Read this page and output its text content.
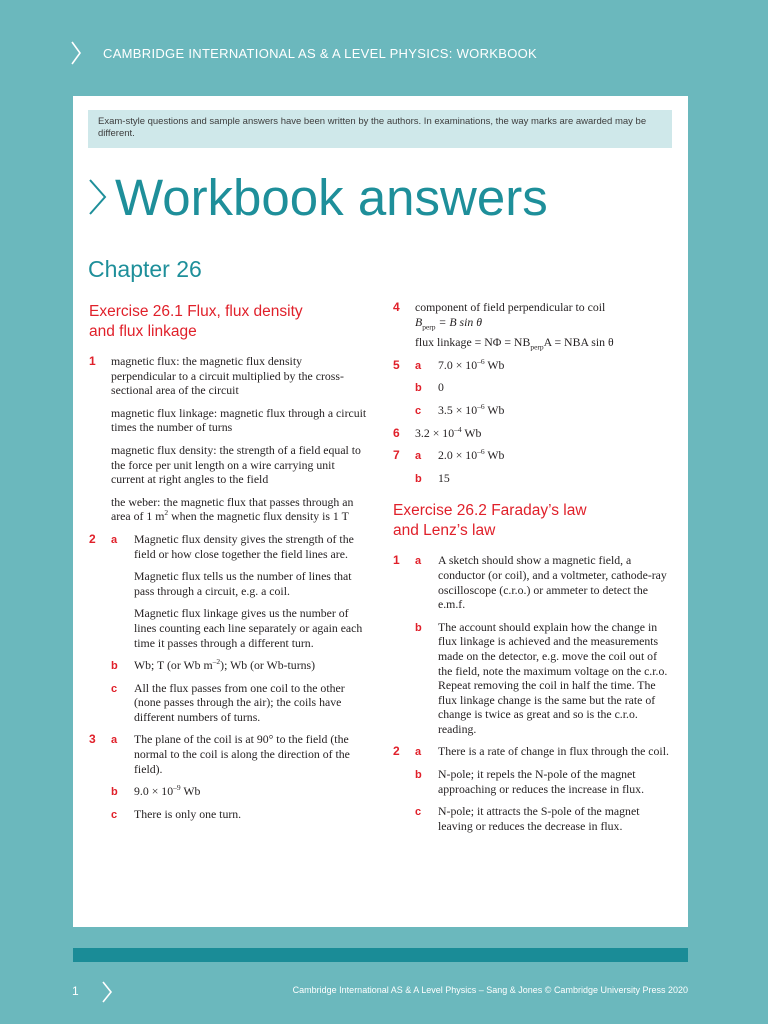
CAMBRIDGE INTERNATIONAL AS & A LEVEL PHYSICS: WORKBOOK
Exam-style questions and sample answers have been written by the authors. In examinations, the way marks are awarded may be different.
Workbook answers
Chapter 26
Exercise 26.1 Flux, flux density
and flux linkage
1	magnetic flux: the magnetic flux density perpendicular to a circuit multiplied by the cross-sectional area of the circuit

magnetic flux linkage: magnetic flux through a circuit times the number of turns

magnetic flux density: the strength of a field equal to the force per unit length on a wire carrying unit current at right angles to the field

the weber: the magnetic flux that passes through an area of 1 $m^2$ when the magnetic flux density is 1 T

2 a	Magnetic flux density gives the strength of the field or how close together the field lines are.

Magnetic flux tells us the number of lines that pass through a circuit, e.g. a coil.

Magnetic flux linkage gives us the number of lines counting each line separately or again each time it passes through a different turn.

b	Wb; T (or Wb $m^{-2}$); Wb (or Wb-turns)

c	All the flux passes from one coil to the other (none passes through the air); the coils have different numbers of turns.

3 a	The plane of the coil is at 90° to the field (the normal to the coil is along the direction of the field).

b	$9.0 \times 10^{-9}$ Wb

c	There is only one turn.

4	component of field perpendicular to coil
$B_{perp} = B$ sin θ

flux linkage = $N\Phi = NB_{perp}A$ = NBA sin θ

5 a	$7.0 \times 10^{-6}$ Wb

b	0

c	$3.5 \times 10^{-6}$ Wb

6	$3.2 \times 10^{-4}$ Wb

7 a	$2.0 \times 10^{-6}$ Wb

b	15

Exercise 26.2 Faraday’s law
and Lenz’s law
1 a	A sketch should show a magnetic field, a conductor (or coil), and a voltmeter, cathode-ray oscilloscope (c.r.o.) or ammeter to detect the e.m.f.

b	The account should explain how the change in flux linkage is achieved and the measurements made on the detector, e.g. move the coil out of the field, note the maximum voltage on the c.r.o. Repeat removing the coil in half the time. The flux linkage change is the same but the rate of change is twice as great and so is the c.r.o. reading.

2 a	There is a rate of change in flux through the coil.

b	N-pole; it repels the N-pole of the magnet approaching or reduces the increase in flux.

c	N-pole; it attracts the S-pole of the magnet leaving or reduces the decrease in flux.

1	Cambridge International AS & A Level Physics – Sang & Jones © Cambridge University Press 2020
